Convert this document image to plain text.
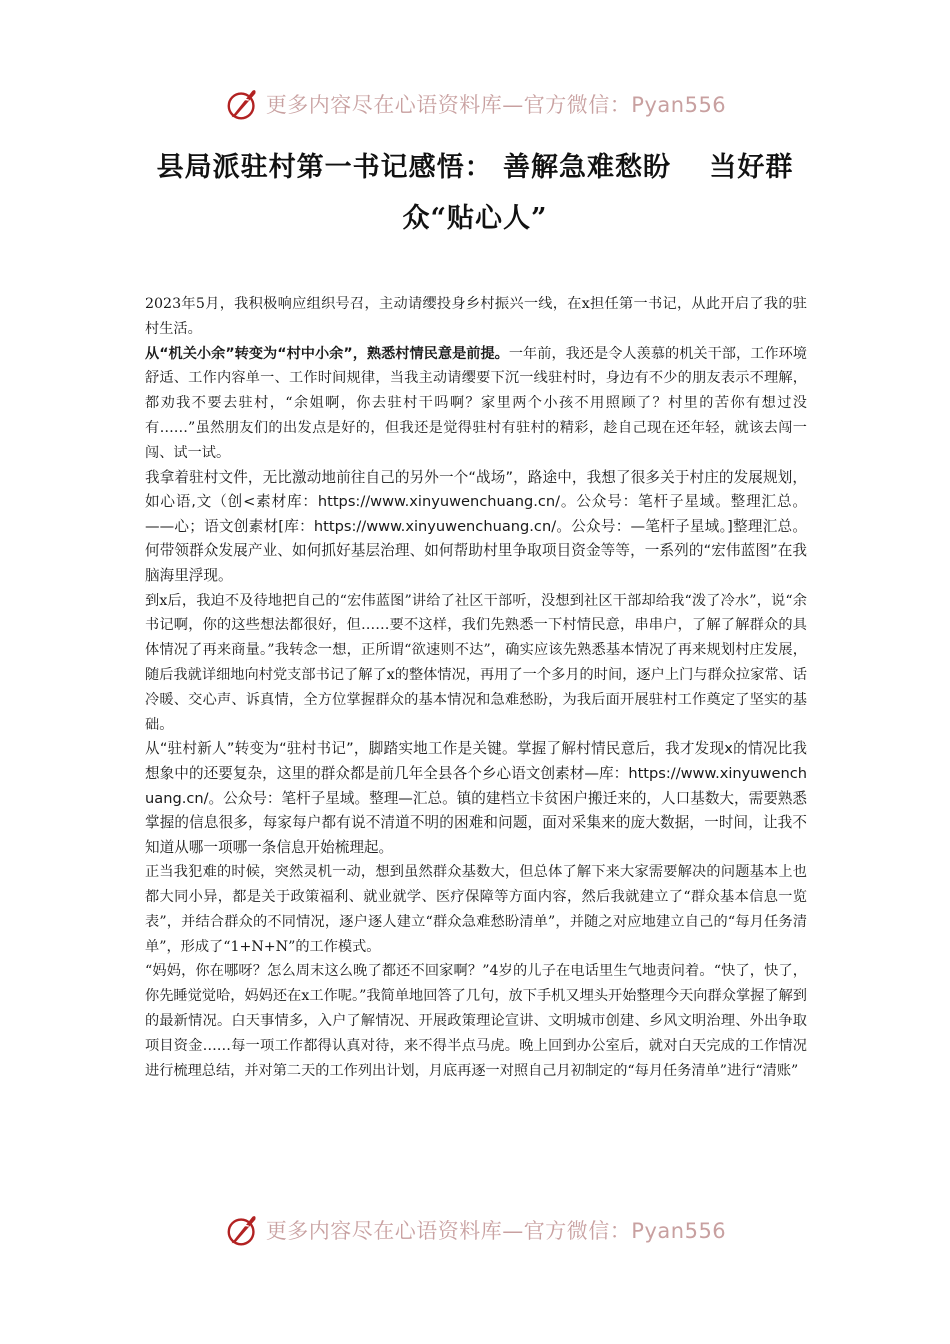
更多内容尽在心语资料库—官方微信：Pyan556
县局派驻村第一书记感悟： 善解急难愁盼　 当好群
众“贴心人”

2023年5月，我积极响应组织号召，主动请缨投身乡村振兴一线，在x担任第一书记，从此开启了我的驻村生活。

从“机关小余”转变为“村中小余”，熟悉村情民意是前提。一年前，我还是令人羡慕的机关干部，工作环境舒适、工作内容单一、工作时间规律，当我主动请缨要下沉一线驻村时，身边有不少的朋友表示不理解，都劝我不要去驻村，“余姐啊，你去驻村干吗啊？家里两个小孩不用照顾了？村里的苦你有想过没有……”虽然朋友们的出发点是好的，但我还是觉得驻村有驻村的精彩，趁自己现在还年轻，就该去闯一闯、试一试。

我拿着驻村文件，无比激动地前往自己的另外一个“战场”，路途中，我想了很多关于村庄的发展规划，如心语,文（创<素材库：https://www.xinyuwenchuang.cn/。公众号：笔杆子星域。整理汇总。——心；语文创素材[库：https://www.xinyuwenchuang.cn/。公众号：—笔杆子星域。]整理汇总。何带领群众发展产业、如何抓好基层治理、如何帮助村里争取项目资金等等，一系列的“宏伟蓝图”在我脑海里浮现。

到x后，我迫不及待地把自己的“宏伟蓝图”讲给了社区干部听，没想到社区干部却给我“泼了冷水”，说“余书记啊，你的这些想法都很好，但……要不这样，我们先熟悉一下村情民意，串串户，了解了解群众的具体情况了再来商量。”我转念一想，正所谓“欲速则不达”，确实应该先熟悉基本情况了再来规划村庄发展，随后我就详细地向村党支部书记了解了x的整体情况，再用了一个多月的时间，逐户上门与群众拉家常、话冷暖、交心声、诉真情，全方位掌握群众的基本情况和急难愁盼，为我后面开展驻村工作奠定了坚实的基础。

从“驻村新人”转变为“驻村书记”，脚踏实地工作是关键。掌握了解村情民意后，我才发现x的情况比我想象中的还要复杂，这里的群众都是前几年全县各个乡心语文创素材—库：https://www.xinyuwenchuang.cn/。公众号：笔杆子星域。整理—汇总。镇的建档立卡贫困户搬迁来的，人口基数大，需要熟悉掌握的信息很多，每家每户都有说不清道不明的困难和问题，面对采集来的庞大数据，一时间，让我不知道从哪一项哪一条信息开始梳理起。

正当我犯难的时候，突然灵机一动，想到虽然群众基数大，但总体了解下来大家需要解决的问题基本上也都大同小异，都是关于政策福利、就业就学、医疗保障等方面内容，然后我就建立了“群众基本信息一览表”，并结合群众的不同情况，逐户逐人建立“群众急难愁盼清单”，并随之对应地建立自己的“每月任务清单”，形成了“1+N+N”的工作模式。

“妈妈，你在哪呀？怎么周末这么晚了都还不回家啊？”4岁的儿子在电话里生气地责问着。“快了，快了，你先睡觉觉哈，妈妈还在x工作呢。”我简单地回答了几句，放下手机又埋头开始整理今天向群众掌握了解到的最新情况。白天事情多，入户了解情况、开展政策理论宣讲、文明城市创建、乡风文明治理、外出争取项目资金……每一项工作都得认真对待，来不得半点马虎。晚上回到办公室后，就对白天完成的工作情况进行梳理总结，并对第二天的工作列出计划，月底再逐一对照自己月初制定的“每月任务清单”进行“清账”

更多内容尽在心语资料库—官方微信：Pyan556
